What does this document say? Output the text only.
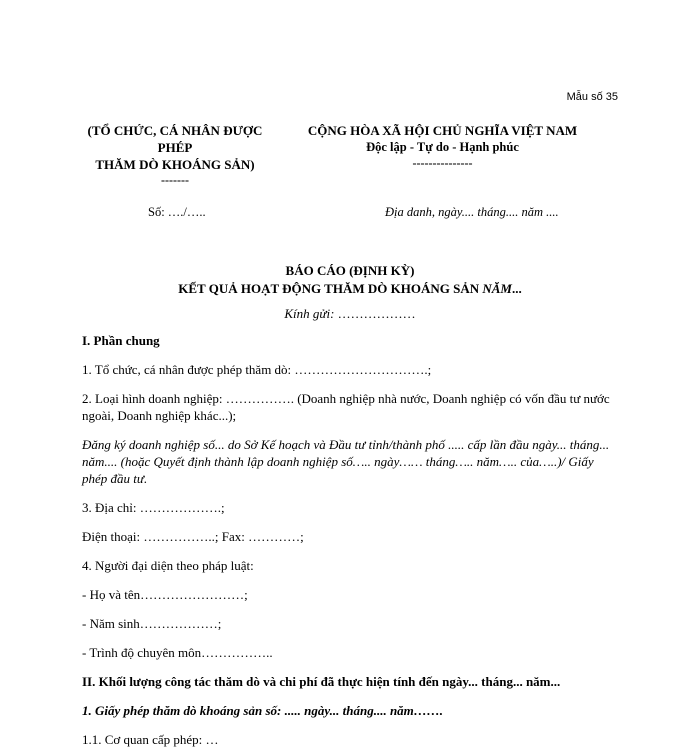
Mẫu số 35
(TỔ CHỨC, CÁ NHÂN ĐƯỢC
PHÉP
THĂM DÒ KHOÁNG SẢN)
-------
CỘNG HÒA XÃ HỘI CHỦ NGHĨA VIỆT NAM
Độc lập - Tự do - Hạnh phúc
---------------
Số: …./…..	Địa danh, ngày.... tháng.... năm ....
BÁO CÁO (ĐỊNH KỲ)
KẾT QUẢ HOẠT ĐỘNG THĂM DÒ KHOÁNG SẢN NĂM...
Kính gửi: ………………

I. Phần chung

1. Tổ chức, cá nhân được phép thăm dò: ………………………….;

2. Loại hình doanh nghiệp: ……………. (Doanh nghiệp nhà nước, Doanh nghiệp có vốn đầu tư nước ngoài, Doanh nghiệp khác...);

Đăng ký doanh nghiệp số... do Sở Kế hoạch và Đầu tư tỉnh/thành phố ..... cấp lần đầu ngày... tháng... năm.... (hoặc Quyết định thành lập doanh nghiệp số….. ngày…… tháng….. năm….. của…..)/ Giấy phép đầu tư.

3. Địa chỉ: ……………….;

Điện thoại: ……………..; Fax: …………;

4. Người đại diện theo pháp luật:

- Họ và tên……………………;

- Năm sinh………………;

- Trình độ chuyên môn……………..

II. Khối lượng công tác thăm dò và chi phí đã thực hiện tính đến ngày... tháng... năm...

1. Giấy phép thăm dò khoáng sản số: ..... ngày... tháng.... năm…….

1.1. Cơ quan cấp phép: …
